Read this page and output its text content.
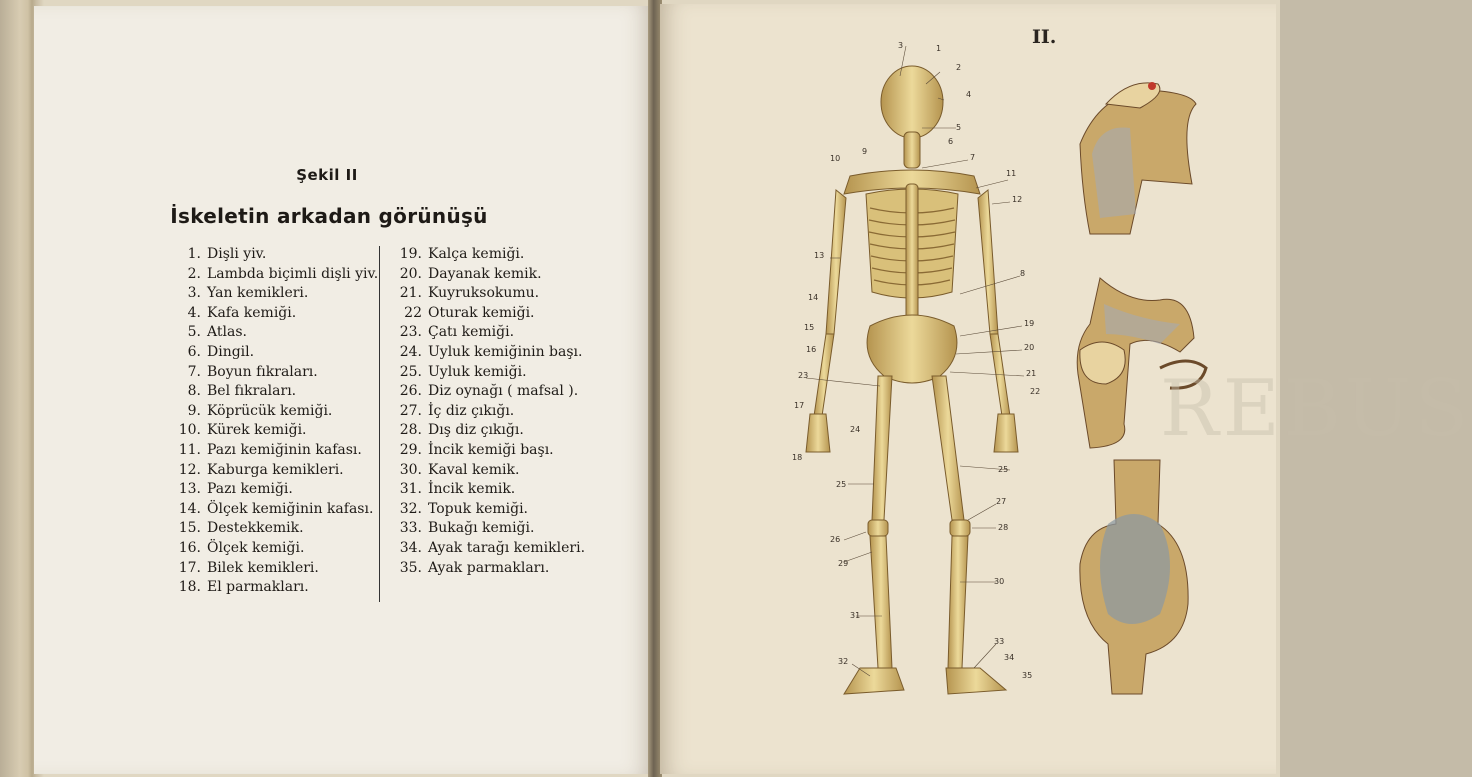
Şekil II
İskeletin arkadan görünüşü
1. Dişli yiv.
2. Lambda biçimli dişli yiv.
3. Yan kemikleri.
4. Kafa kemiği.
5. Atlas.
6. Dingil.
7. Boyun fıkraları.
8. Bel fıkraları.
9. Köprücük kemiği.
10. Kürek kemiği.
11. Pazı kemiğinin kafası.
12. Kaburga kemikleri.
13. Pazı kemiği.
14. Ölçek kemiğinin kafası.
15. Destekkemik.
16. Ölçek kemiği.
17. Bilek kemikleri.
18. El parmakları.
19. Kalça kemiği.
20. Dayanak kemik.
21. Kuyruksokumu.
22 Oturak kemiği.
23. Çatı kemiği.
24. Uyluk kemiğinin başı.
25. Uyluk kemiği.
26. Diz oynağı ( mafsal ).
27. İç diz çıkığı.
28. Dış diz çıkığı.
29. İncik kemiği başı.
30. Kaval kemik.
31. İncik kemik.
32. Topuk kemiği.
33. Bukağı kemiği.
34. Ayak tarağı kemikleri.
35. Ayak parmakları.
II.
1
2
3
4
5
6
7
8
9
10
11
12
13
14
15
16
17
18
19
20
21
22
23
24
25
25
26
27
28
29
30
31
32
33
34
35
REBUS
